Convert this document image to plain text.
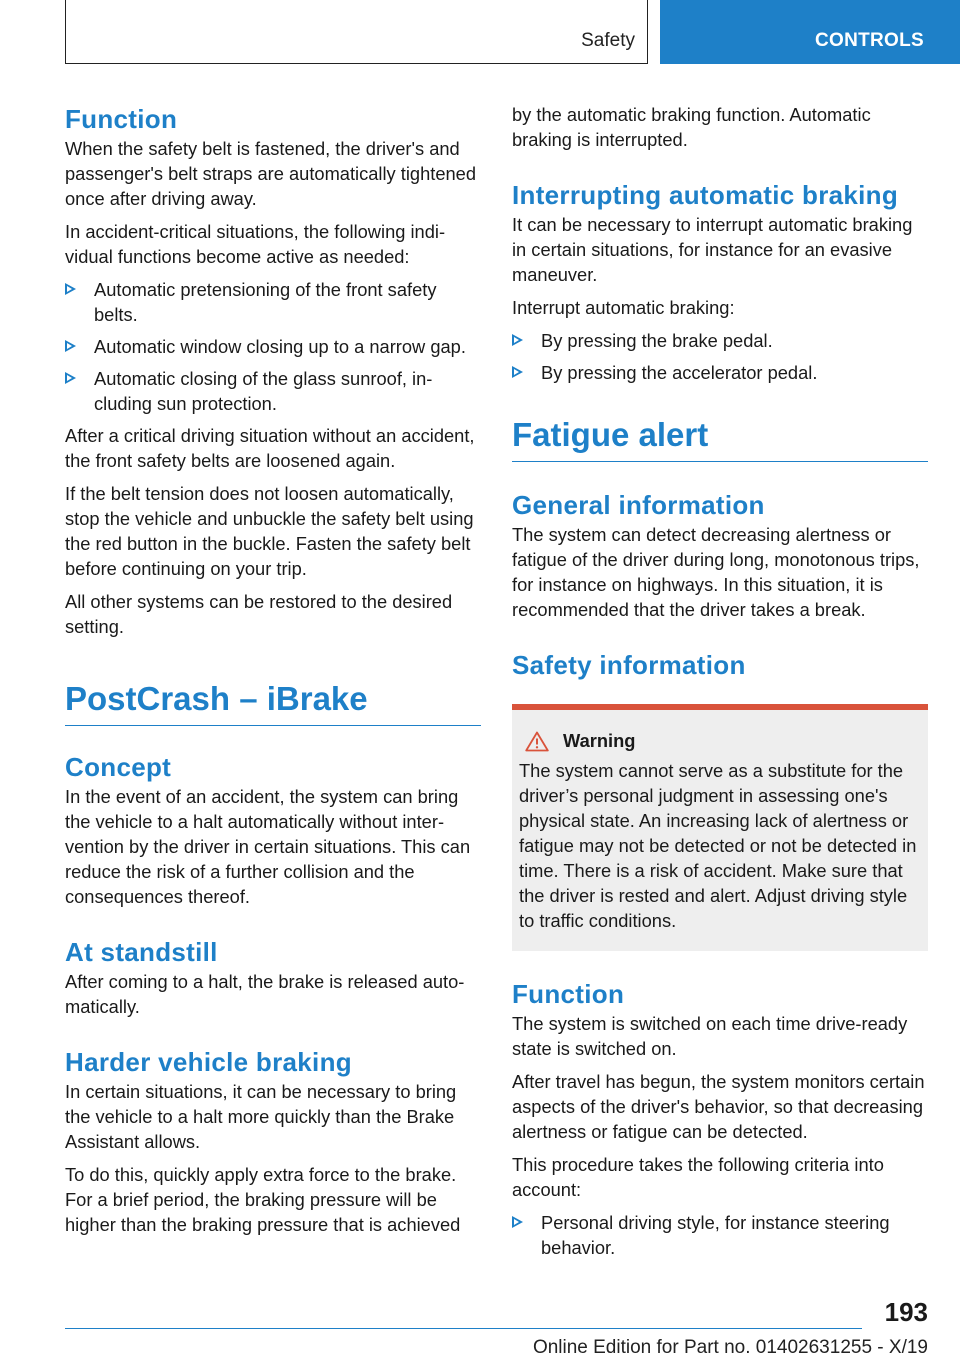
Safety	CONTROLS
Function

When the safety belt is fastened, the driver's and passenger's belt straps are automatically tightened once after driving away.

In accident-critical situations, the following individual functions become active as needed:

Automatic pretensioning of the front safety belts.
Automatic window closing up to a narrow gap.
Automatic closing of the glass sunroof, including sun protection.

After a critical driving situation without an accident, the front safety belts are loosened again.

If the belt tension does not loosen automatically, stop the vehicle and unbuckle the safety belt using the red button in the buckle. Fasten the safety belt before continuing on your trip.

All other systems can be restored to the desired setting.

PostCrash – iBrake
Concept

In the event of an accident, the system can bring the vehicle to a halt automatically without intervention by the driver in certain situations. This can reduce the risk of a further collision and the consequences thereof.

At standstill

After coming to a halt, the brake is released automatically.

Harder vehicle braking

In certain situations, it can be necessary to bring the vehicle to a halt more quickly than the Brake Assistant allows.

To do this, quickly apply extra force to the brake. For a brief period, the braking pressure will be higher than the braking pressure that is achieved

by the automatic braking function. Automatic braking is interrupted.

Interrupting automatic braking

It can be necessary to interrupt automatic braking in certain situations, for instance for an evasive maneuver.

Interrupt automatic braking:

By pressing the brake pedal.
By pressing the accelerator pedal.
Fatigue alert
General information

The system can detect decreasing alertness or fatigue of the driver during long, monotonous trips, for instance on highways. In this situation, it is recommended that the driver takes a break.

Safety information
Warning

The system cannot serve as a substitute for the driver’s personal judgment in assessing one's physical state. An increasing lack of alertness or fatigue may not be detected or not be detected in time. There is a risk of accident. Make sure that the driver is rested and alert. Adjust driving style to traffic conditions.

Function

The system is switched on each time drive-ready state is switched on.

After travel has begun, the system monitors certain aspects of the driver's behavior, so that decreasing alertness or fatigue can be detected.

This procedure takes the following criteria into account:

Personal driving style, for instance steering behavior.
193
Online Edition for Part no. 01402631255 - X/19
